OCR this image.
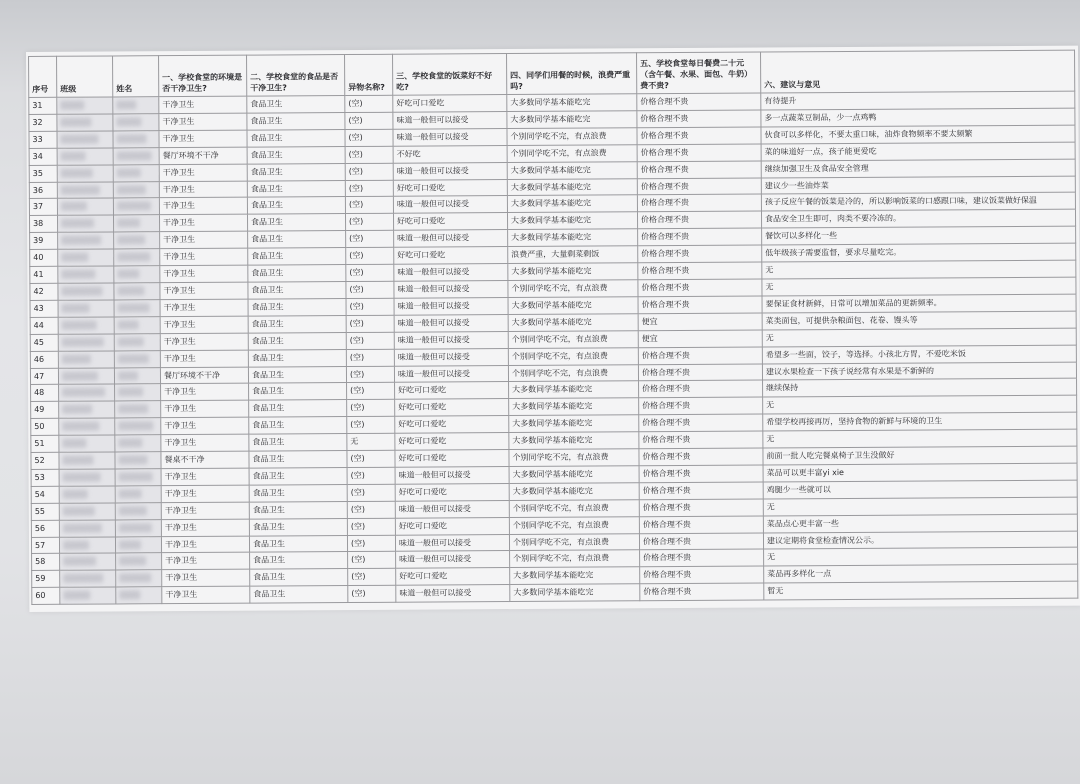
序号	班级	姓名	一、学校食堂的环境是否干净卫生?	二、学校食堂的食品是否干净卫生?	异物名称?	三、学校食堂的饭菜好不好吃?	四、同学们用餐的时候，浪费严重吗?	五、学校食堂每日餐费二十元（含午餐、水果、面包、牛奶）费不贵?	六、建议与意见
31			干净卫生	食品卫生	(空)	好吃可口爱吃	大多数同学基本能吃完	价格合理不贵	有待提升
32			干净卫生	食品卫生	(空)	味道一般但可以接受	大多数同学基本能吃完	价格合理不贵	多一点蔬菜豆制品，少一点鸡鸭
33			干净卫生	食品卫生	(空)	味道一般但可以接受	个别同学吃不完，有点浪费	价格合理不贵	伙食可以多样化，不要太重口味，油炸食物频率不要太频繁
34			餐厅环境不干净	食品卫生	(空)	不好吃	个别同学吃不完，有点浪费	价格合理不贵	菜的味道好一点，孩子能更爱吃
35			干净卫生	食品卫生	(空)	味道一般但可以接受	大多数同学基本能吃完	价格合理不贵	继续加强卫生及食品安全管理
36			干净卫生	食品卫生	(空)	好吃可口爱吃	大多数同学基本能吃完	价格合理不贵	建议少一些油炸菜
37			干净卫生	食品卫生	(空)	味道一般但可以接受	大多数同学基本能吃完	价格合理不贵	孩子反应午餐的饭菜是冷的，所以影响饭菜的口感跟口味，建议饭菜做好保温
38			干净卫生	食品卫生	(空)	好吃可口爱吃	大多数同学基本能吃完	价格合理不贵	食品安全卫生即可，肉类不要冷冻的。
39			干净卫生	食品卫生	(空)	味道一般但可以接受	大多数同学基本能吃完	价格合理不贵	餐饮可以多样化一些
40			干净卫生	食品卫生	(空)	好吃可口爱吃	浪费严重，大量剩菜剩饭	价格合理不贵	低年级孩子需要监督，要求尽量吃完。
41			干净卫生	食品卫生	(空)	味道一般但可以接受	大多数同学基本能吃完	价格合理不贵	无
42			干净卫生	食品卫生	(空)	味道一般但可以接受	个别同学吃不完，有点浪费	价格合理不贵	无
43			干净卫生	食品卫生	(空)	味道一般但可以接受	大多数同学基本能吃完	价格合理不贵	要保证食材新鲜，日常可以增加菜品的更新频率。
44			干净卫生	食品卫生	(空)	味道一般但可以接受	大多数同学基本能吃完	便宜	菜类面包，可提供杂粮面包、花卷、馒头等
45			干净卫生	食品卫生	(空)	味道一般但可以接受	个别同学吃不完，有点浪费	便宜	无
46			干净卫生	食品卫生	(空)	味道一般但可以接受	个别同学吃不完，有点浪费	价格合理不贵	希望多一些面，饺子，等选择。小孩北方胃，不爱吃米饭
47			餐厅环境不干净	食品卫生	(空)	味道一般但可以接受	个别同学吃不完，有点浪费	价格合理不贵	建议水果检查一下孩子说经常有水果是不新鲜的
48			干净卫生	食品卫生	(空)	好吃可口爱吃	大多数同学基本能吃完	价格合理不贵	继续保持
49			干净卫生	食品卫生	(空)	好吃可口爱吃	大多数同学基本能吃完	价格合理不贵	无
50			干净卫生	食品卫生	(空)	好吃可口爱吃	大多数同学基本能吃完	价格合理不贵	希望学校再接再厉，坚持食物的新鲜与环境的卫生
51			干净卫生	食品卫生	无	好吃可口爱吃	大多数同学基本能吃完	价格合理不贵	无
52			餐桌不干净	食品卫生	(空)	好吃可口爱吃	个别同学吃不完，有点浪费	价格合理不贵	前面一批人吃完餐桌椅子卫生没做好
53			干净卫生	食品卫生	(空)	味道一般但可以接受	大多数同学基本能吃完	价格合理不贵	菜品可以更丰富yi xie
54			干净卫生	食品卫生	(空)	好吃可口爱吃	大多数同学基本能吃完	价格合理不贵	鸡腿少一些就可以
55			干净卫生	食品卫生	(空)	味道一般但可以接受	个别同学吃不完，有点浪费	价格合理不贵	无
56			干净卫生	食品卫生	(空)	好吃可口爱吃	个别同学吃不完，有点浪费	价格合理不贵	菜品点心更丰富一些
57			干净卫生	食品卫生	(空)	味道一般但可以接受	个别同学吃不完，有点浪费	价格合理不贵	建议定期将食堂检查情况公示。
58			干净卫生	食品卫生	(空)	味道一般但可以接受	个别同学吃不完，有点浪费	价格合理不贵	无
59			干净卫生	食品卫生	(空)	好吃可口爱吃	大多数同学基本能吃完	价格合理不贵	菜品再多样化一点
60			干净卫生	食品卫生	(空)	味道一般但可以接受	大多数同学基本能吃完	价格合理不贵	暂无
